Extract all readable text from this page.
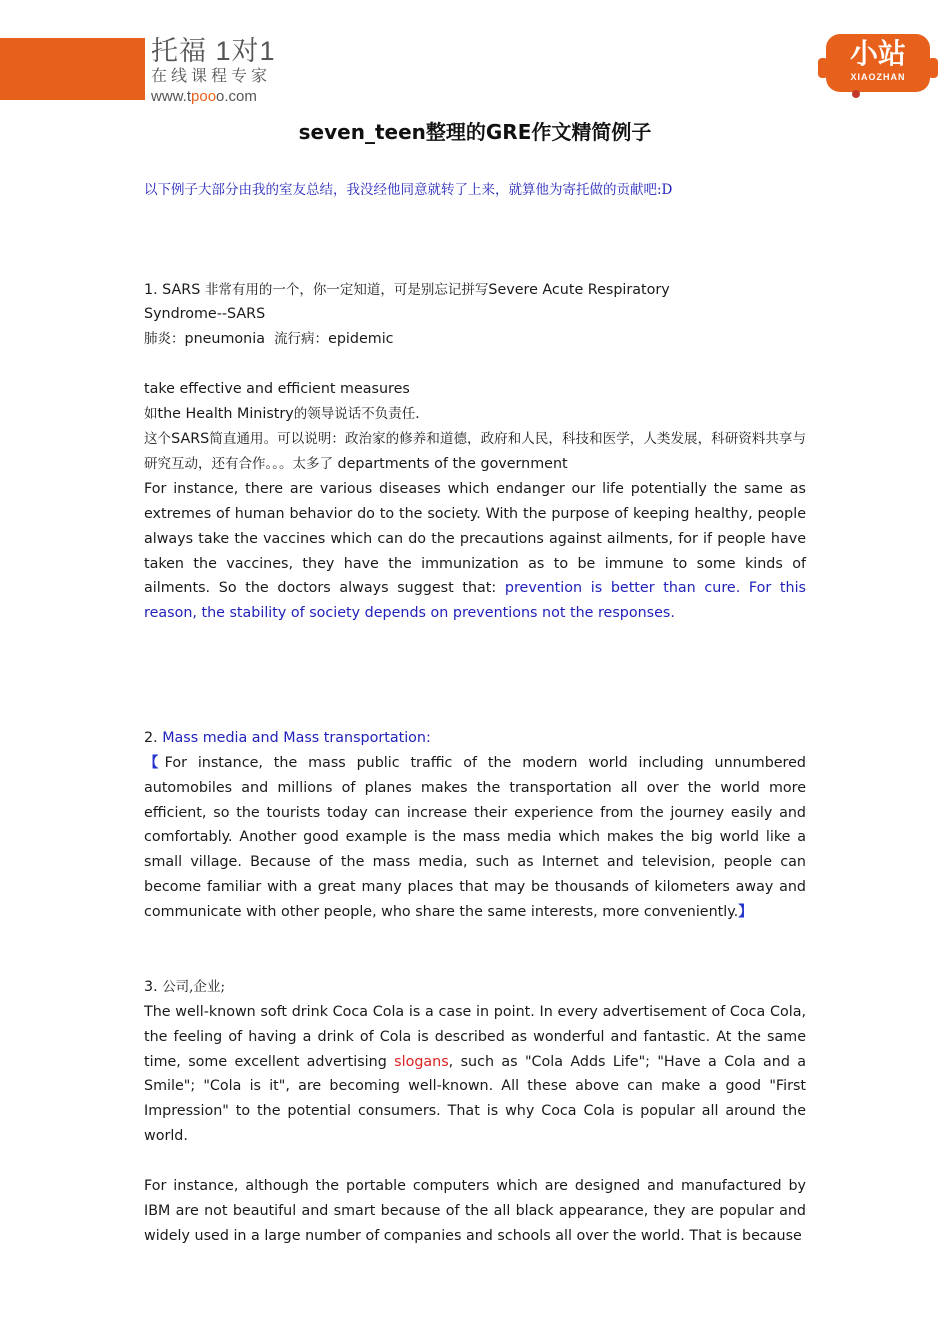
托福 1对1
在线课程专家
www.tpooo.com
小站
XIAOZHAN
seven_teen整理的GRE作文精简例子

以下例子大部分由我的室友总结，我没经他同意就转了上来，就算他为寄托做的贡献吧:D

1. SARS 非常有用的一个，你一定知道，可是别忘记拼写Severe Acute Respiratory

Syndrome--SARS

肺炎：pneumonia 流行病：epidemic

take effective and efficient measures

如the Health Ministry的领导说话不负责任.

这个SARS简直通用。可以说明：政治家的修养和道德，政府和人民，科技和医学，人类发展，科研资料共享与研究互动，还有合作。。。太多了 departments of the government

For instance, there are various diseases which endanger our life potentially the same as extremes of human behavior do to the society. With the purpose of keeping healthy, people always take the vaccines which can do the precautions against ailments, for if people have taken the vaccines, they have the immunization as to be immune to some kinds of ailments. So the doctors always suggest that: prevention is better than cure. For this reason, the stability of society depends on preventions not the responses.

2. Mass media and Mass transportation:

【For instance, the mass public traffic of the modern world including unnumbered automobiles and millions of planes makes the transportation all over the world more efficient, so the tourists today can increase their experience from the journey easily and comfortably. Another good example is the mass media which makes the big world like a small village. Because of the mass media, such as Internet and television, people can become familiar with a great many places that may be thousands of kilometers away and communicate with other people, who share the same interests, more conveniently.】

3. 公司,企业;

The well-known soft drink Coca Cola is a case in point. In every advertisement of Coca Cola, the feeling of having a drink of Cola is described as wonderful and fantastic. At the same time, some excellent advertising slogans, such as "Cola Adds Life"; "Have a Cola and a Smile"; "Cola is it", are becoming well-known. All these above can make a good "First Impression" to the potential consumers. That is why Coca Cola is popular all around the world.

For instance, although the portable computers which are designed and manufactured by IBM are not beautiful and smart because of the all black appearance, they are popular and widely used in a large number of companies and schools all over the world. That is because
